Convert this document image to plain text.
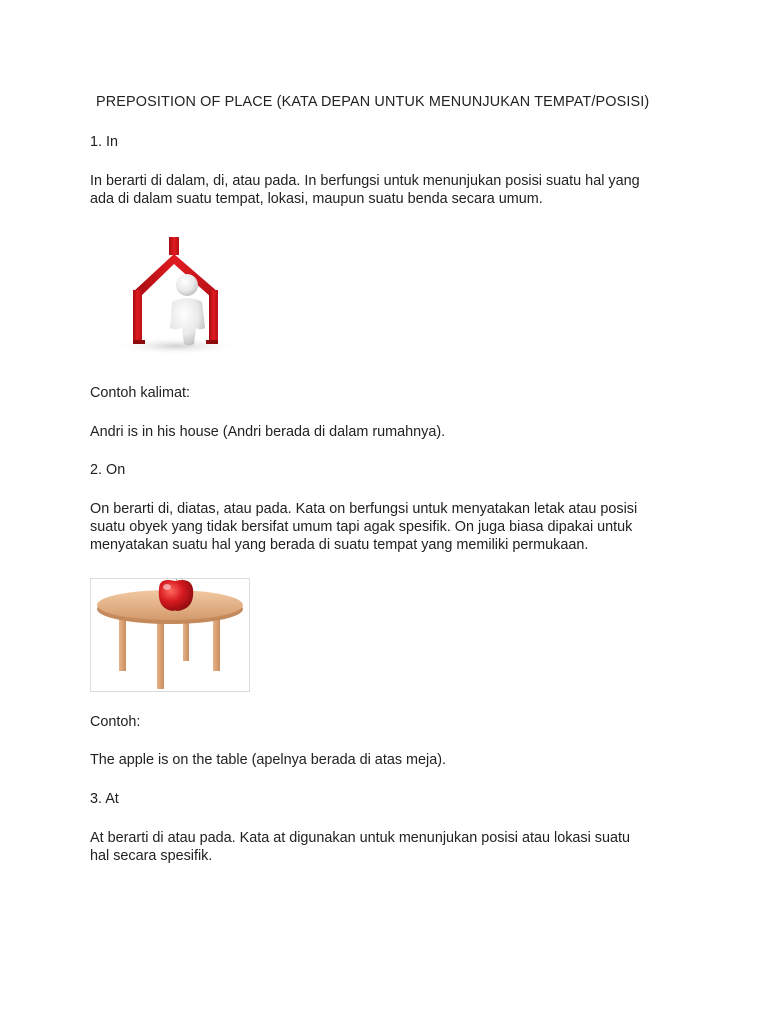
PREPOSITION OF PLACE (KATA DEPAN UNTUK MENUNJUKAN TEMPAT/POSISI)

1. In

In berarti di dalam, di, atau pada. In berfungsi untuk menunjukan posisi suatu hal yang

ada di dalam suatu tempat, lokasi, maupun suatu benda secara umum.

Contoh kalimat:

Andri is in his house (Andri berada di dalam rumahnya).

2. On

On berarti di, diatas, atau pada. Kata on berfungsi untuk menyatakan letak atau posisi

suatu obyek yang tidak bersifat umum tapi agak spesifik. On juga biasa dipakai untuk

menyatakan suatu hal yang berada di suatu tempat yang memiliki permukaan.

Contoh:

The apple is on the table (apelnya berada di atas meja).

3. At

At berarti di atau pada. Kata at digunakan untuk menunjukan posisi atau lokasi suatu

hal secara spesifik.
